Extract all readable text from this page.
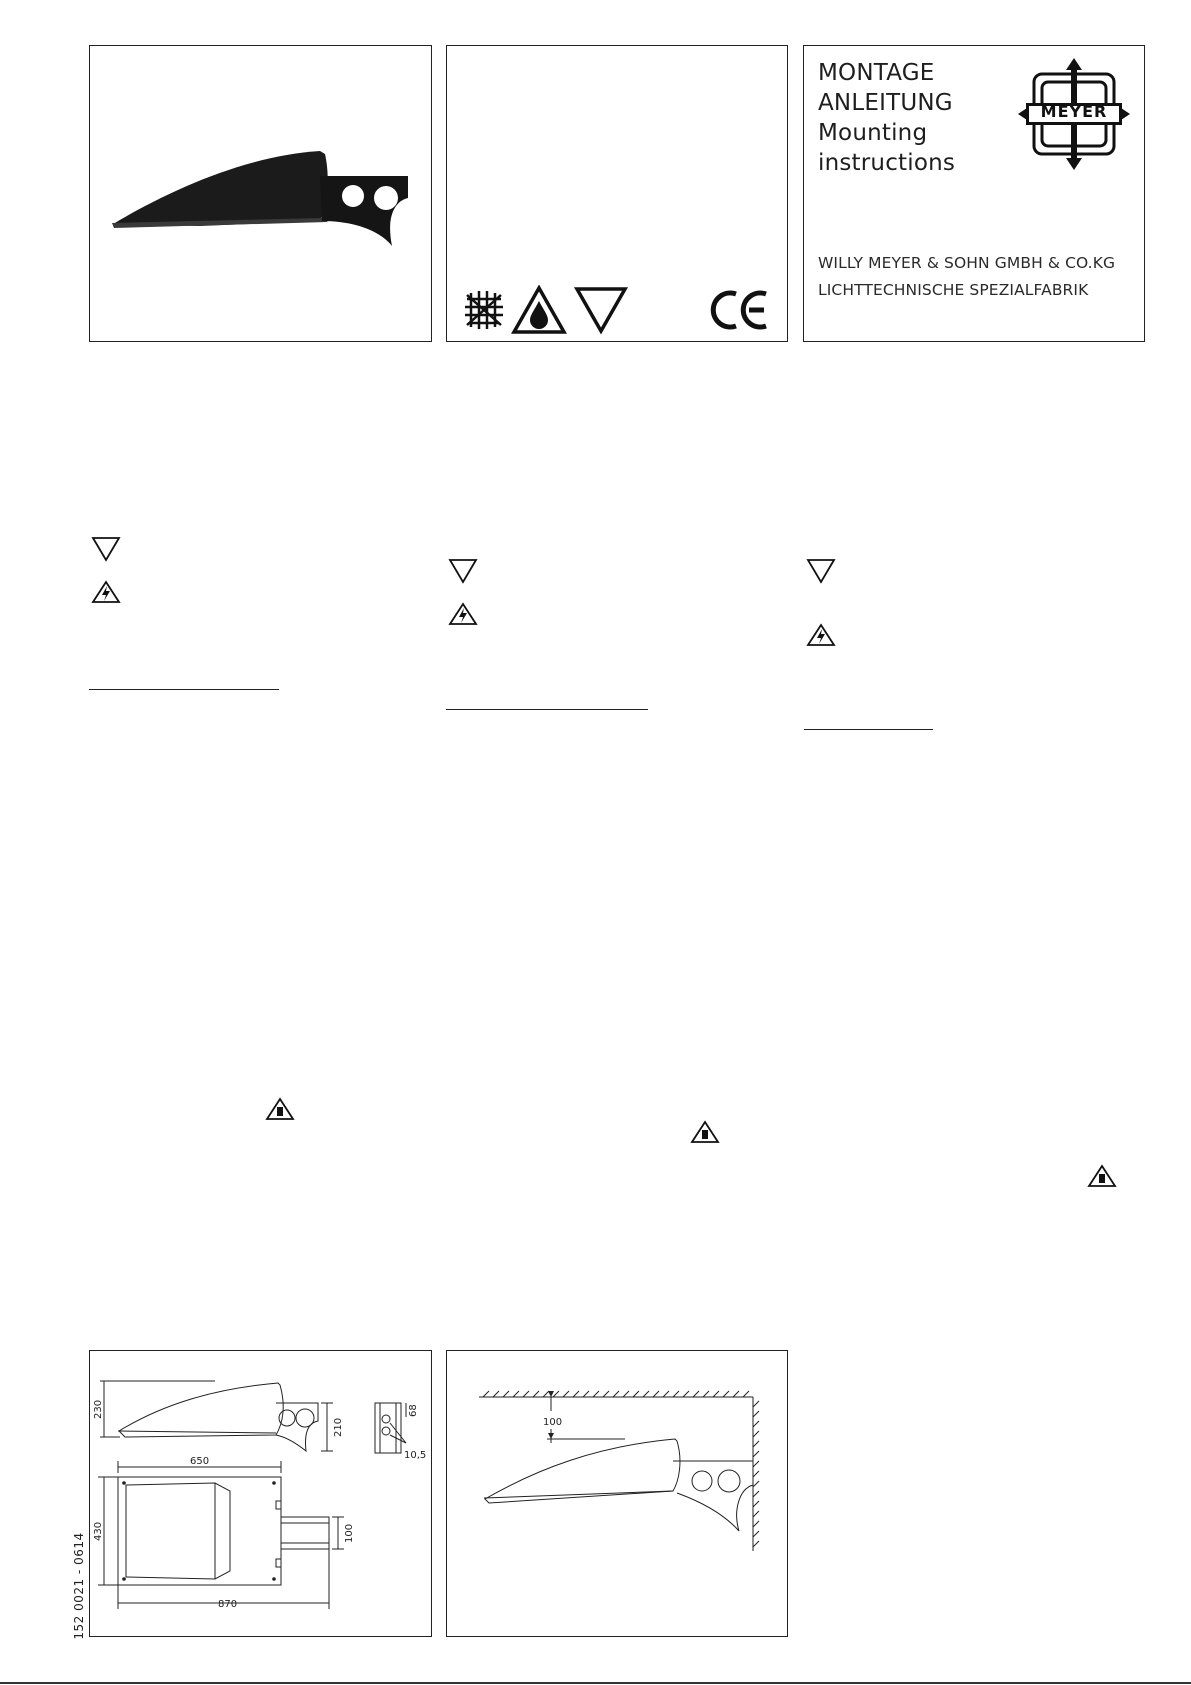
MONTAGE
ANLEITUNG
Mounting
instructions
MEYER
WILLY MEYER & SOHN GMBH & CO.KG
LICHTTECHNISCHE SPEZIALFABRIK
152 0021 - 0614
230
210
68
10,5
650
430	100
870
100
